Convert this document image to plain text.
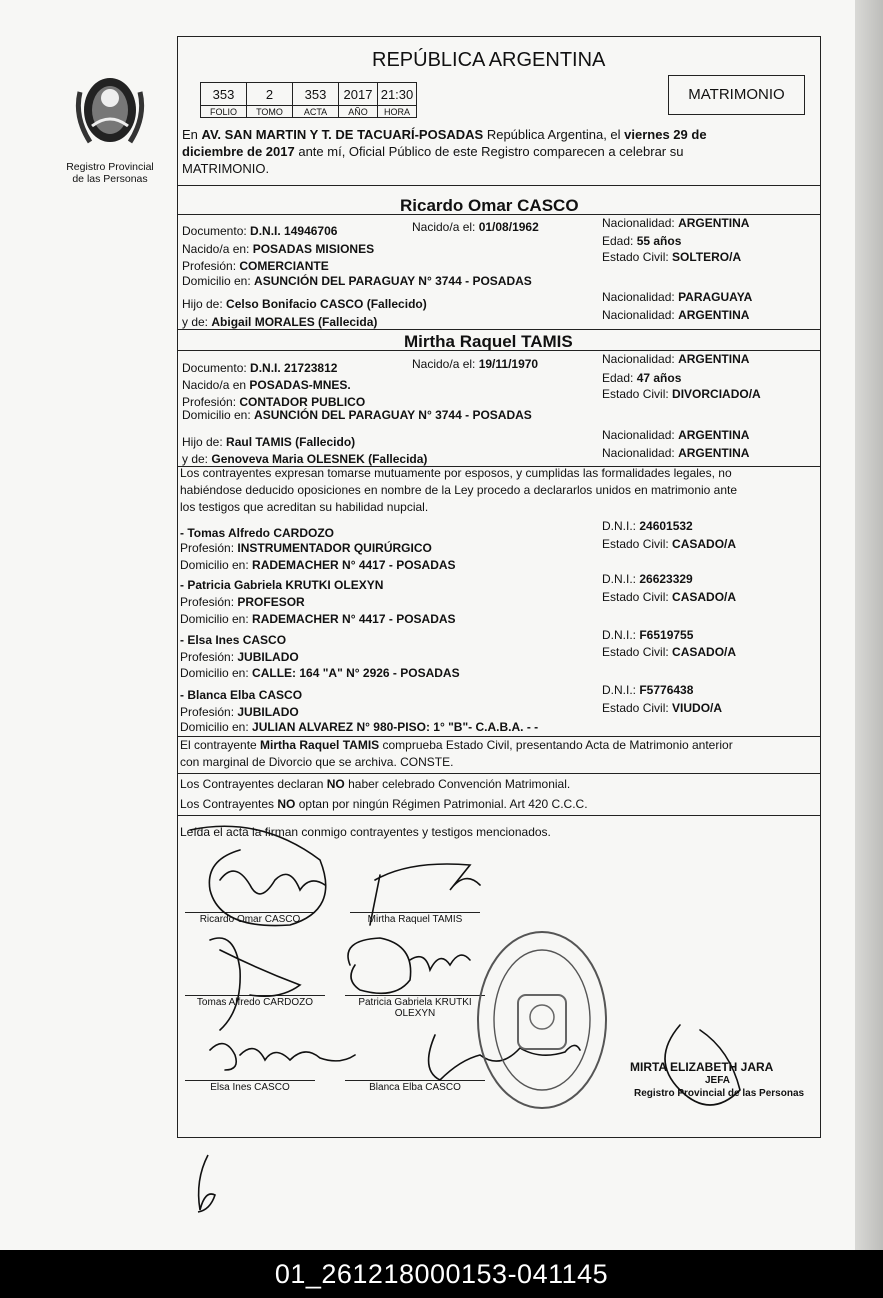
Registro Provincial
de las Personas
REPÚBLICA ARGENTINA
353	2	353	2017	21:30
FOLIO	TOMO	ACTA	AÑO	HORA
MATRIMONIO
En AV. SAN MARTIN Y T. DE TACUARÍ-POSADAS República Argentina, el viernes 29 de
diciembre de 2017 ante mí, Oficial Público de este Registro comparecen a celebrar su
MATRIMONIO.
Ricardo Omar CASCO
Documento: D.N.I. 14946706	Nacido/a el: 01/08/1962	Nacionalidad: ARGENTINA
Edad: 55 años
Estado Civil: SOLTERO/A
Nacido/a en: POSADAS MISIONES
Profesión: COMERCIANTE
Domicilio en: ASUNCIÓN DEL PARAGUAY N° 3744 - POSADAS
Hijo de: Celso Bonifacio CASCO (Fallecido)	Nacionalidad: PARAGUAYA
y de: Abigail MORALES (Fallecida)	Nacionalidad: ARGENTINA
Mirtha Raquel TAMIS
Documento: D.N.I. 21723812	Nacido/a el: 19/11/1970	Nacionalidad: ARGENTINA
Edad: 47 años
Estado Civil: DIVORCIADO/A
Nacido/a en POSADAS-MNES.
Profesión: CONTADOR PUBLICO
Domicilio en: ASUNCIÓN DEL PARAGUAY N° 3744 - POSADAS
Hijo de: Raul TAMIS (Fallecido)	Nacionalidad: ARGENTINA
y de: Genoveva Maria OLESNEK (Fallecida)	Nacionalidad: ARGENTINA
Los contrayentes expresan tomarse mutuamente por esposos, y cumplidas las formalidades legales, no
habiéndose deducido oposiciones en nombre de la Ley procedo a declararlos unidos en matrimonio ante
los testigos que acreditan su habilidad nupcial.
- Tomas Alfredo CARDOZO
Profesión: INSTRUMENTADOR QUIRÚRGICO
Domicilio en: RADEMACHER N° 4417 - POSADAS
D.N.I.: 24601532
Estado Civil: CASADO/A
- Patricia Gabriela KRUTKI OLEXYN
Profesión: PROFESOR
Domicilio en: RADEMACHER N° 4417 - POSADAS
D.N.I.: 26623329
Estado Civil: CASADO/A
- Elsa Ines CASCO
Profesión: JUBILADO
Domicilio en: CALLE: 164 "A" N° 2926 - POSADAS
D.N.I.: F6519755
Estado Civil: CASADO/A
- Blanca Elba CASCO
Profesión: JUBILADO
Domicilio en: JULIAN ALVAREZ N° 980-PISO: 1° "B"- C.A.B.A. - -
D.N.I.: F5776438
Estado Civil: VIUDO/A
El contrayente Mirtha Raquel TAMIS comprueba Estado Civil, presentando Acta de Matrimonio anterior
con marginal de Divorcio que se archiva. CONSTE.
Los Contrayentes declaran NO haber celebrado Convención Matrimonial.
Los Contrayentes NO optan por ningún Régimen Patrimonial. Art 420 C.C.C.
Leída el acta la firman conmigo contrayentes y testigos mencionados.
Ricardo Omar CASCO	Mirtha Raquel TAMIS
Tomas Alfredo CARDOZO	Patricia Gabriela KRUTKI
OLEXYN
Elsa Ines CASCO	Blanca Elba CASCO
MIRTA ELIZABETH JARA
JEFA
Registro Provincial de las Personas
01_261218000153-041145
